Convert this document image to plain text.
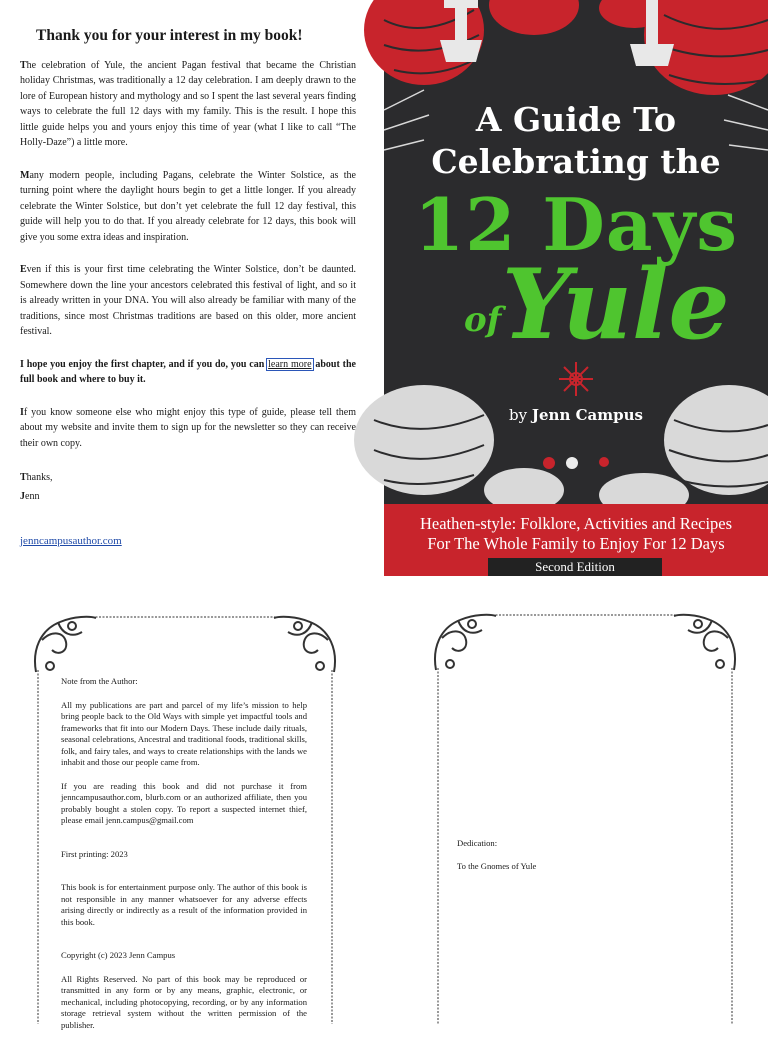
Thank you for your interest in my book!

The celebration of Yule, the ancient Pagan festival that became the Christian holiday Christmas, was traditionally a 12 day celebration. I am deeply drawn to the lore of European history and mythology and so I spent the last several years finding ways to celebrate the full 12 days with my family. This is the result. I hope this little guide helps you and yours enjoy this time of year (what I like to call “The Holly-Daze”) a little more.

Many modern people, including Pagans, celebrate the Winter Solstice, as the turning point where the daylight hours begin to get a little longer. If you already celebrate the Winter Solstice, but don’t yet celebrate the full 12 day festival, this guide will help you to do that. If you already celebrate for 12 days, this book will give you some extra ideas and inspiration.

Even if this is your first time celebrating the Winter Solstice, don’t be daunted. Somewhere down the line your ancestors celebrated this festival of light, and so it is already written in your DNA. You will also already be familiar with many of the traditions, since most Christmas traditions are based on this older, more ancient festival.

I hope you enjoy the first chapter, and if you do, you can learn more about the full book and where to buy it.

If you know someone else who might enjoy this type of guide, please tell them about my website and invite them to sign up for the newsletter so they can receive their own copy.

Thanks,

Jenn

jenncampusauthor.com
A Guide To
Celebrating the
12 Days
of Yule
by Jenn Campus
Heathen-style: Folklore, Activities and Recipes
For The Whole Family to Enjoy For 12 Days
Second Edition

Note from the Author:

All my publications are part and parcel of my life’s mission to help bring people back to the Old Ways with simple yet impactful tools and frameworks that fit into our Modern Days. These include daily rituals, seasonal celebrations, Ancestral and traditional foods, traditional skills, folk, and fairy tales, and ways to create relationships with the lands we inhabit and those our people came from.

If you are reading this book and did not purchase it from jenncampusauthor.com, blurb.com or an authorized affiliate, then you probably bought a stolen copy. To report a suspected internet thief, please email jenn.campus@gmail.com

First printing: 2023

This book is for entertainment purpose only. The author of this book is not responsible in any manner whatsoever for any adverse effects arising directly or indirectly as a result of the information provided in this book.

Copyright (c) 2023 Jenn Campus

All Rights Reserved. No part of this book may be reproduced or transmitted in any form or by any means, graphic, electronic, or mechanical, including photocopying, recording, or by any information storage retrieval system without the written permission of the publisher.

Dedication:
To the Gnomes of Yule
